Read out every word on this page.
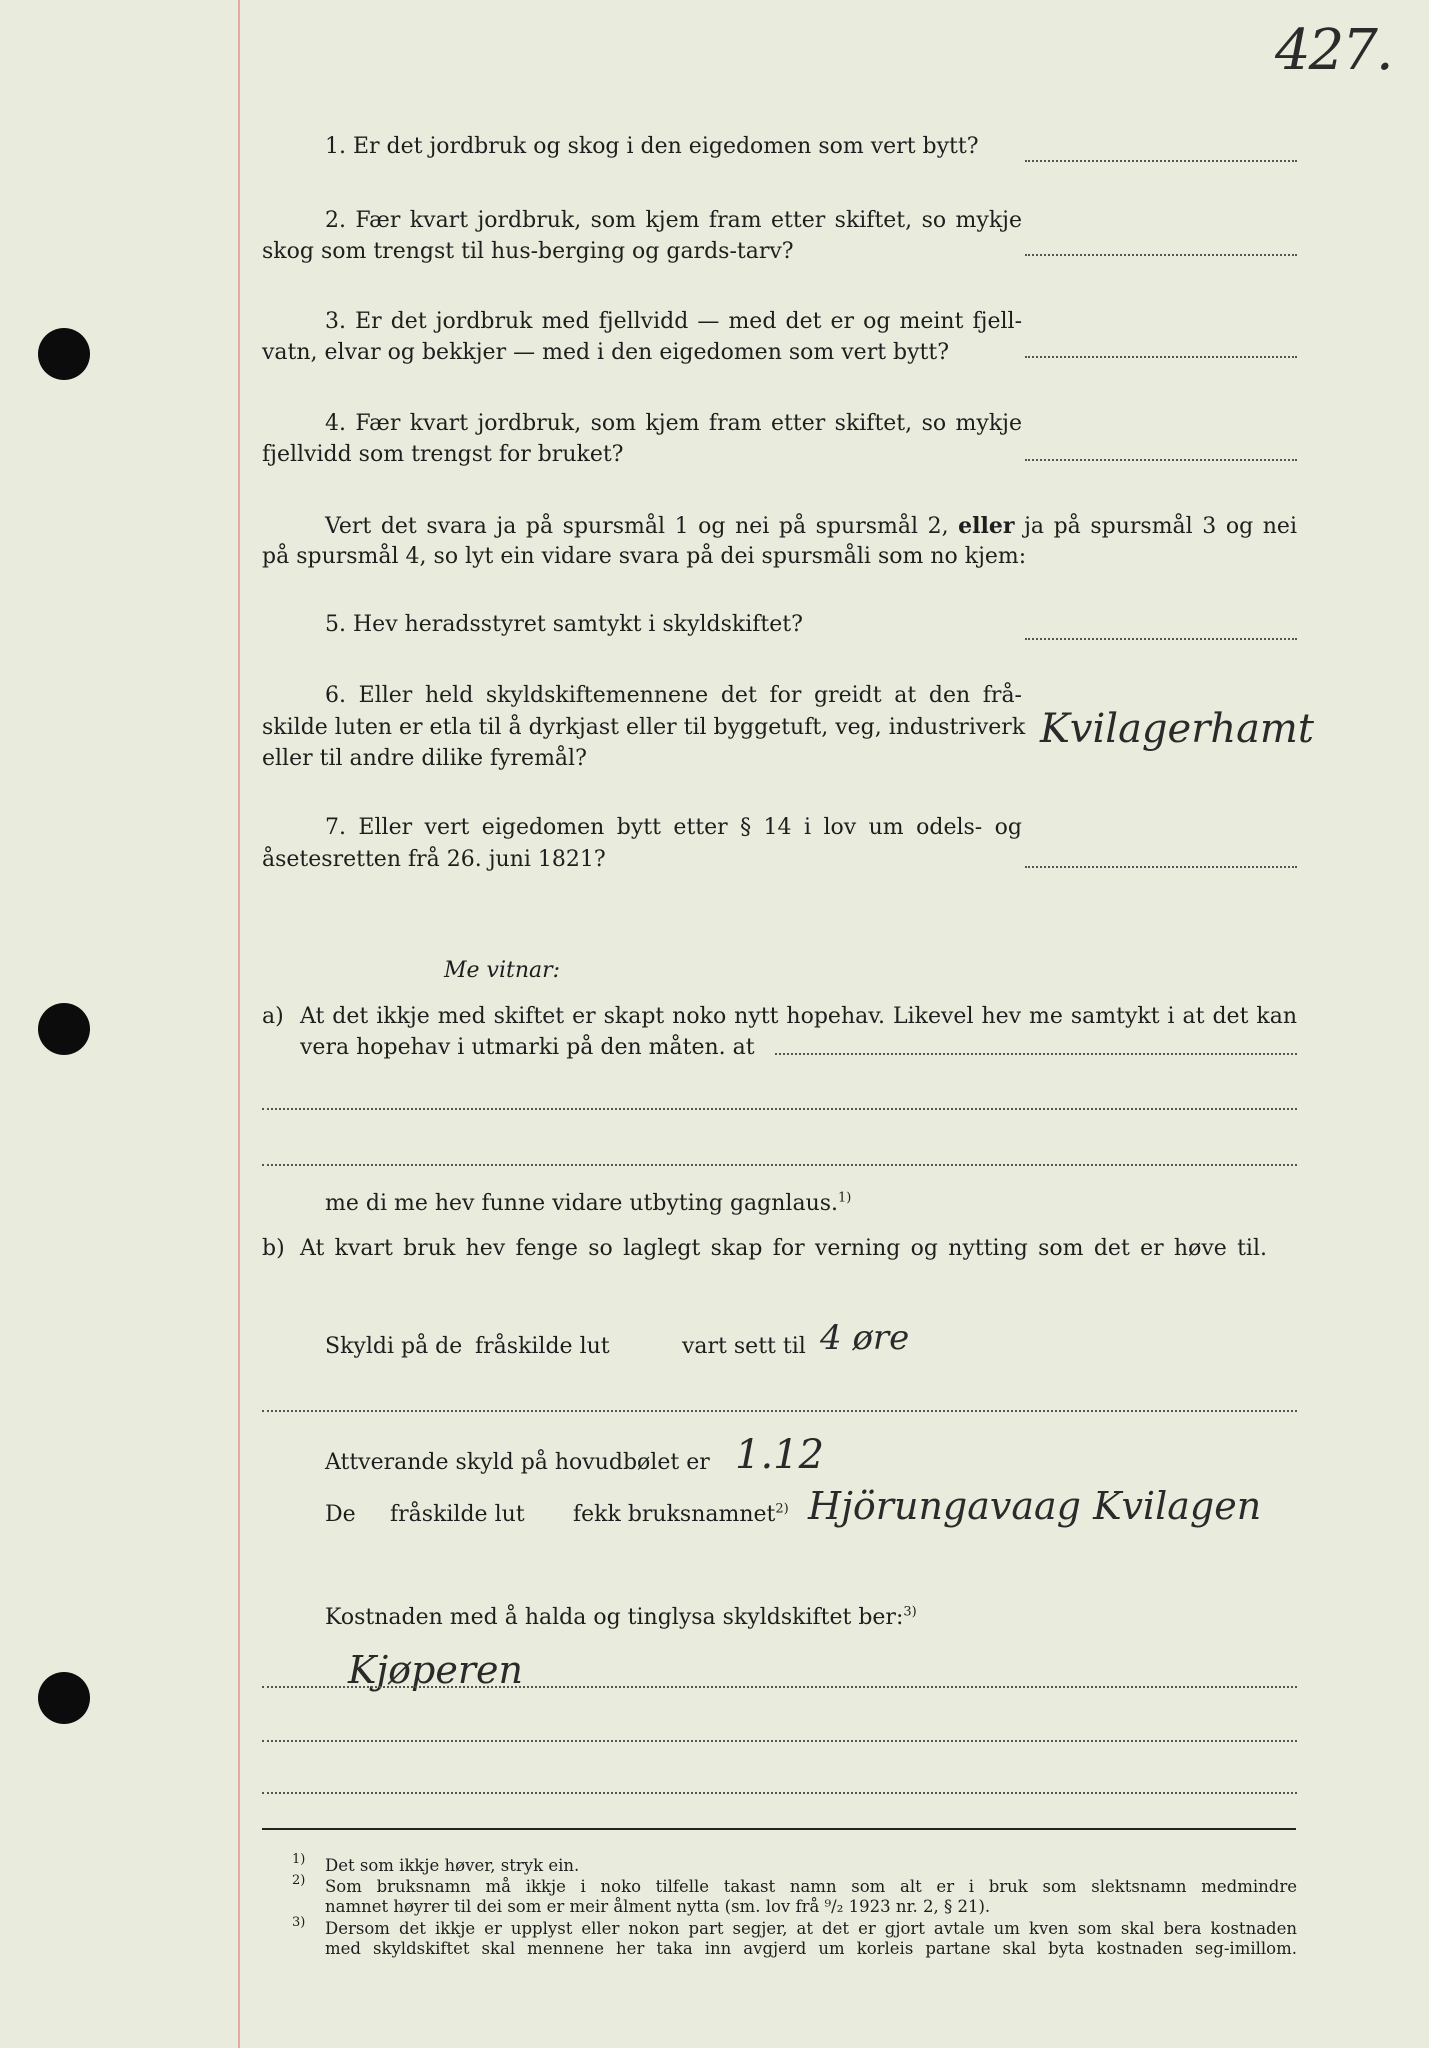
427.
1. Er det jordbruk og skog i den eigedomen som vert bytt?
2. Fær kvart jordbruk, som kjem fram etter skiftet, so mykje
skog som trengst til hus-berging og gards-tarv?
3. Er det jordbruk med fjellvidd — med det er og meint fjell-
vatn, elvar og bekkjer — med i den eigedomen som vert bytt?
4. Fær kvart jordbruk, som kjem fram etter skiftet, so mykje
fjellvidd som trengst for bruket?
Vert det svara ja på spursmål 1 og nei på spursmål 2, eller ja på spursmål 3 og nei
på spursmål 4, so lyt ein vidare svara på dei spursmåli som no kjem:
5. Hev heradsstyret samtykt i skyldskiftet?
6. Eller held skyldskiftemennene det for greidt at den frå-
skilde luten er etla til å dyrkjast eller til byggetuft, veg, industriverk
eller til andre dilike fyremål?
Kvilagerhamt
7. Eller vert eigedomen bytt etter § 14 i lov um odels- og
åsetesretten frå 26. juni 1821?
Me vitnar:
a) At det ikkje med skiftet er skapt noko nytt hopehav. Likevel hev me samtykt i at det kan
vera hopehav i utmarki på den måten. at
me di me hev funne vidare utbyting gagnlaus.$^{1)}$
b) At kvart bruk hev fenge so laglegt skap for verning og nytting som det er høve til.
Skyldi på de fråskilde lut	vart sett til 4 øre
Attverande skyld på hovudbølet er 1.12
De fråskilde lut fekk bruksnamnet$^{2)}$ Hjörungavaag Kvilagen
Kostnaden med å halda og tinglysa skyldskiftet ber:$^{3)}$
Kjøperen
1) Det som ikkje høver, stryk ein.
2) Som bruksnamn må ikkje i noko tilfelle takast namn som alt er i bruk som slektsnamn medmindre
namnet høyrer til dei som er meir ålment nytta (sm. lov frå ⁹/₂ 1923 nr. 2, § 21).
3) Dersom det ikkje er upplyst eller nokon part segjer, at det er gjort avtale um kven som skal bera kostnaden
med skyldskiftet skal mennene her taka inn avgjerd um korleis partane skal byta kostnaden seg-imillom.
